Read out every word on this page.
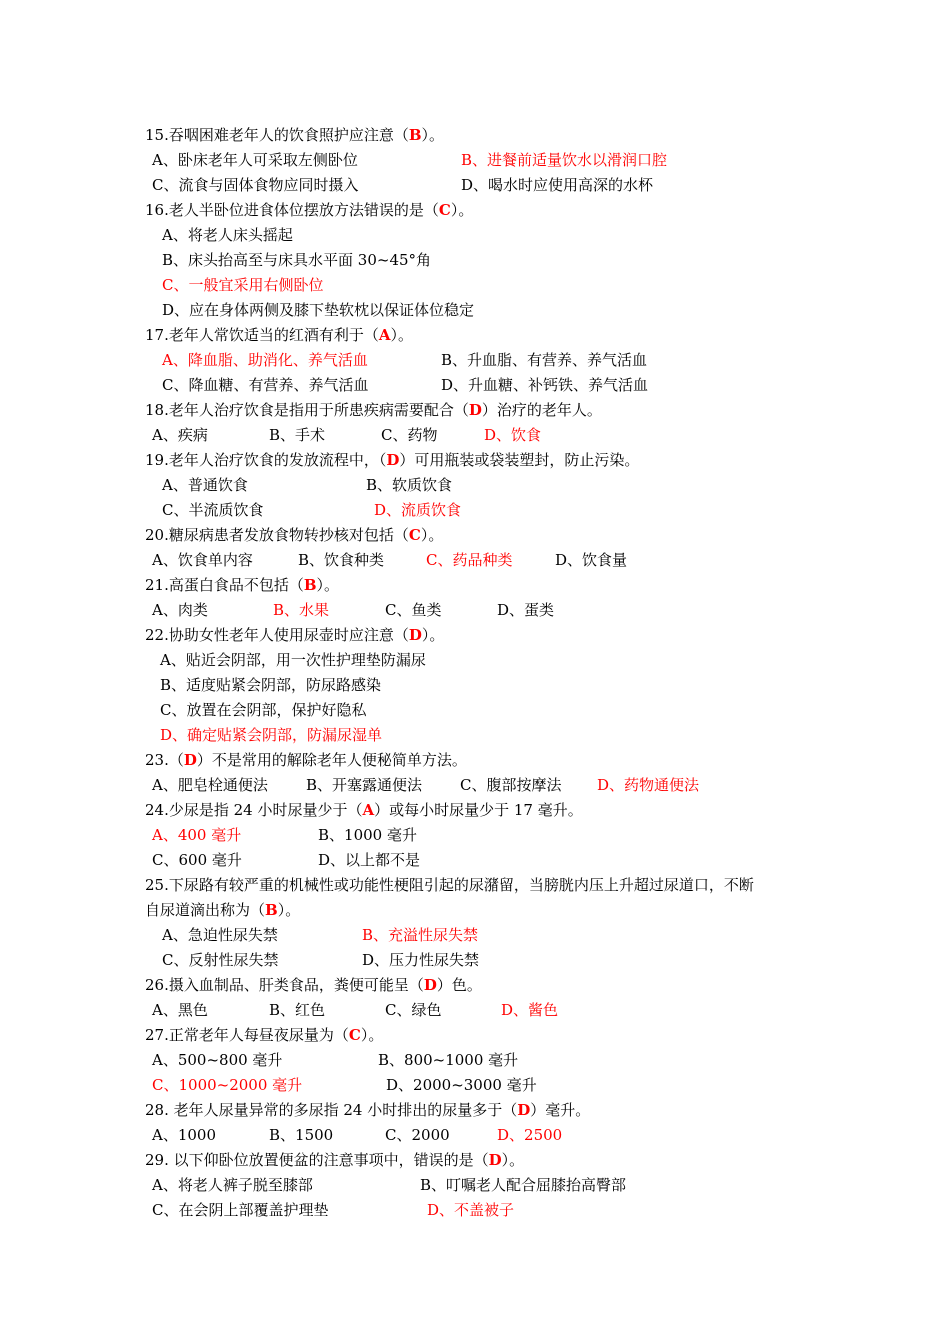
15.吞咽困难老年人的饮食照护应注意（B）。
A、卧床老年人可采取左侧卧位	B、进餐前适量饮水以滑润口腔
C、流食与固体食物应同时摄入	D、喝水时应使用高深的水杯
16.老人半卧位进食体位摆放方法错误的是（C）。
A、将老人床头摇起
B、床头抬高至与床具水平面 30~45°角
C、一般宜采用右侧卧位
D、应在身体两侧及膝下垫软枕以保证体位稳定
17.老年人常饮适当的红酒有利于（A）。
A、降血脂、助消化、养气活血	B、升血脂、有营养、养气活血
C、降血糖、有营养、养气活血	D、升血糖、补钙铁、养气活血
18.老年人治疗饮食是指用于所患疾病需要配合（D）治疗的老年人。
A、疾病	B、手术	C、药物	D、饮食
19.老年人治疗饮食的发放流程中，（D）可用瓶装或袋装塑封，防止污染。
A、普通饮食	B、软质饮食
C、半流质饮食	D、流质饮食
20.糖尿病患者发放食物转抄核对包括（C）。
A、饮食单内容	B、饮食种类	C、药品种类	D、饮食量
21.高蛋白食品不包括（B）。
A、肉类	B、水果	C、鱼类	D、蛋类
22.协助女性老年人使用尿壶时应注意（D）。
A、贴近会阴部，用一次性护理垫防漏尿
B、适度贴紧会阴部，防尿路感染
C、放置在会阴部，保护好隐私
D、确定贴紧会阴部，防漏尿湿单
23.（D）不是常用的解除老年人便秘简单方法。
A、肥皂栓通便法	B、开塞露通便法	C、腹部按摩法 D、药物通便法
24.少尿是指 24 小时尿量少于（A）或每小时尿量少于 17 毫升。
A、400 毫升	B、1000 毫升
C、600 毫升	D、以上都不是
25.下尿路有较严重的机械性或功能性梗阻引起的尿潴留，当膀胱内压上升超过尿道口，不断
自尿道滴出称为（B）。
A、急迫性尿失禁	B、充溢性尿失禁
C、反射性尿失禁	D、压力性尿失禁
26.摄入血制品、肝类食品，粪便可能呈（D）色。
A、黑色	B、红色	C、绿色	D、酱色
27.正常老年人每昼夜尿量为（C）。
A、500~800 毫升	B、800~1000 毫升
C、1000~2000 毫升	D、2000~3000 毫升
28. 老年人尿量异常的多尿指 24 小时排出的尿量多于（D）毫升。
A、1000	B、1500	C、2000	D、2500
29. 以下仰卧位放置便盆的注意事项中，错误的是（D）。
A、将老人裤子脱至膝部	B、叮嘱老人配合屈膝抬高臀部
C、在会阴上部覆盖护理垫	D、不盖被子
